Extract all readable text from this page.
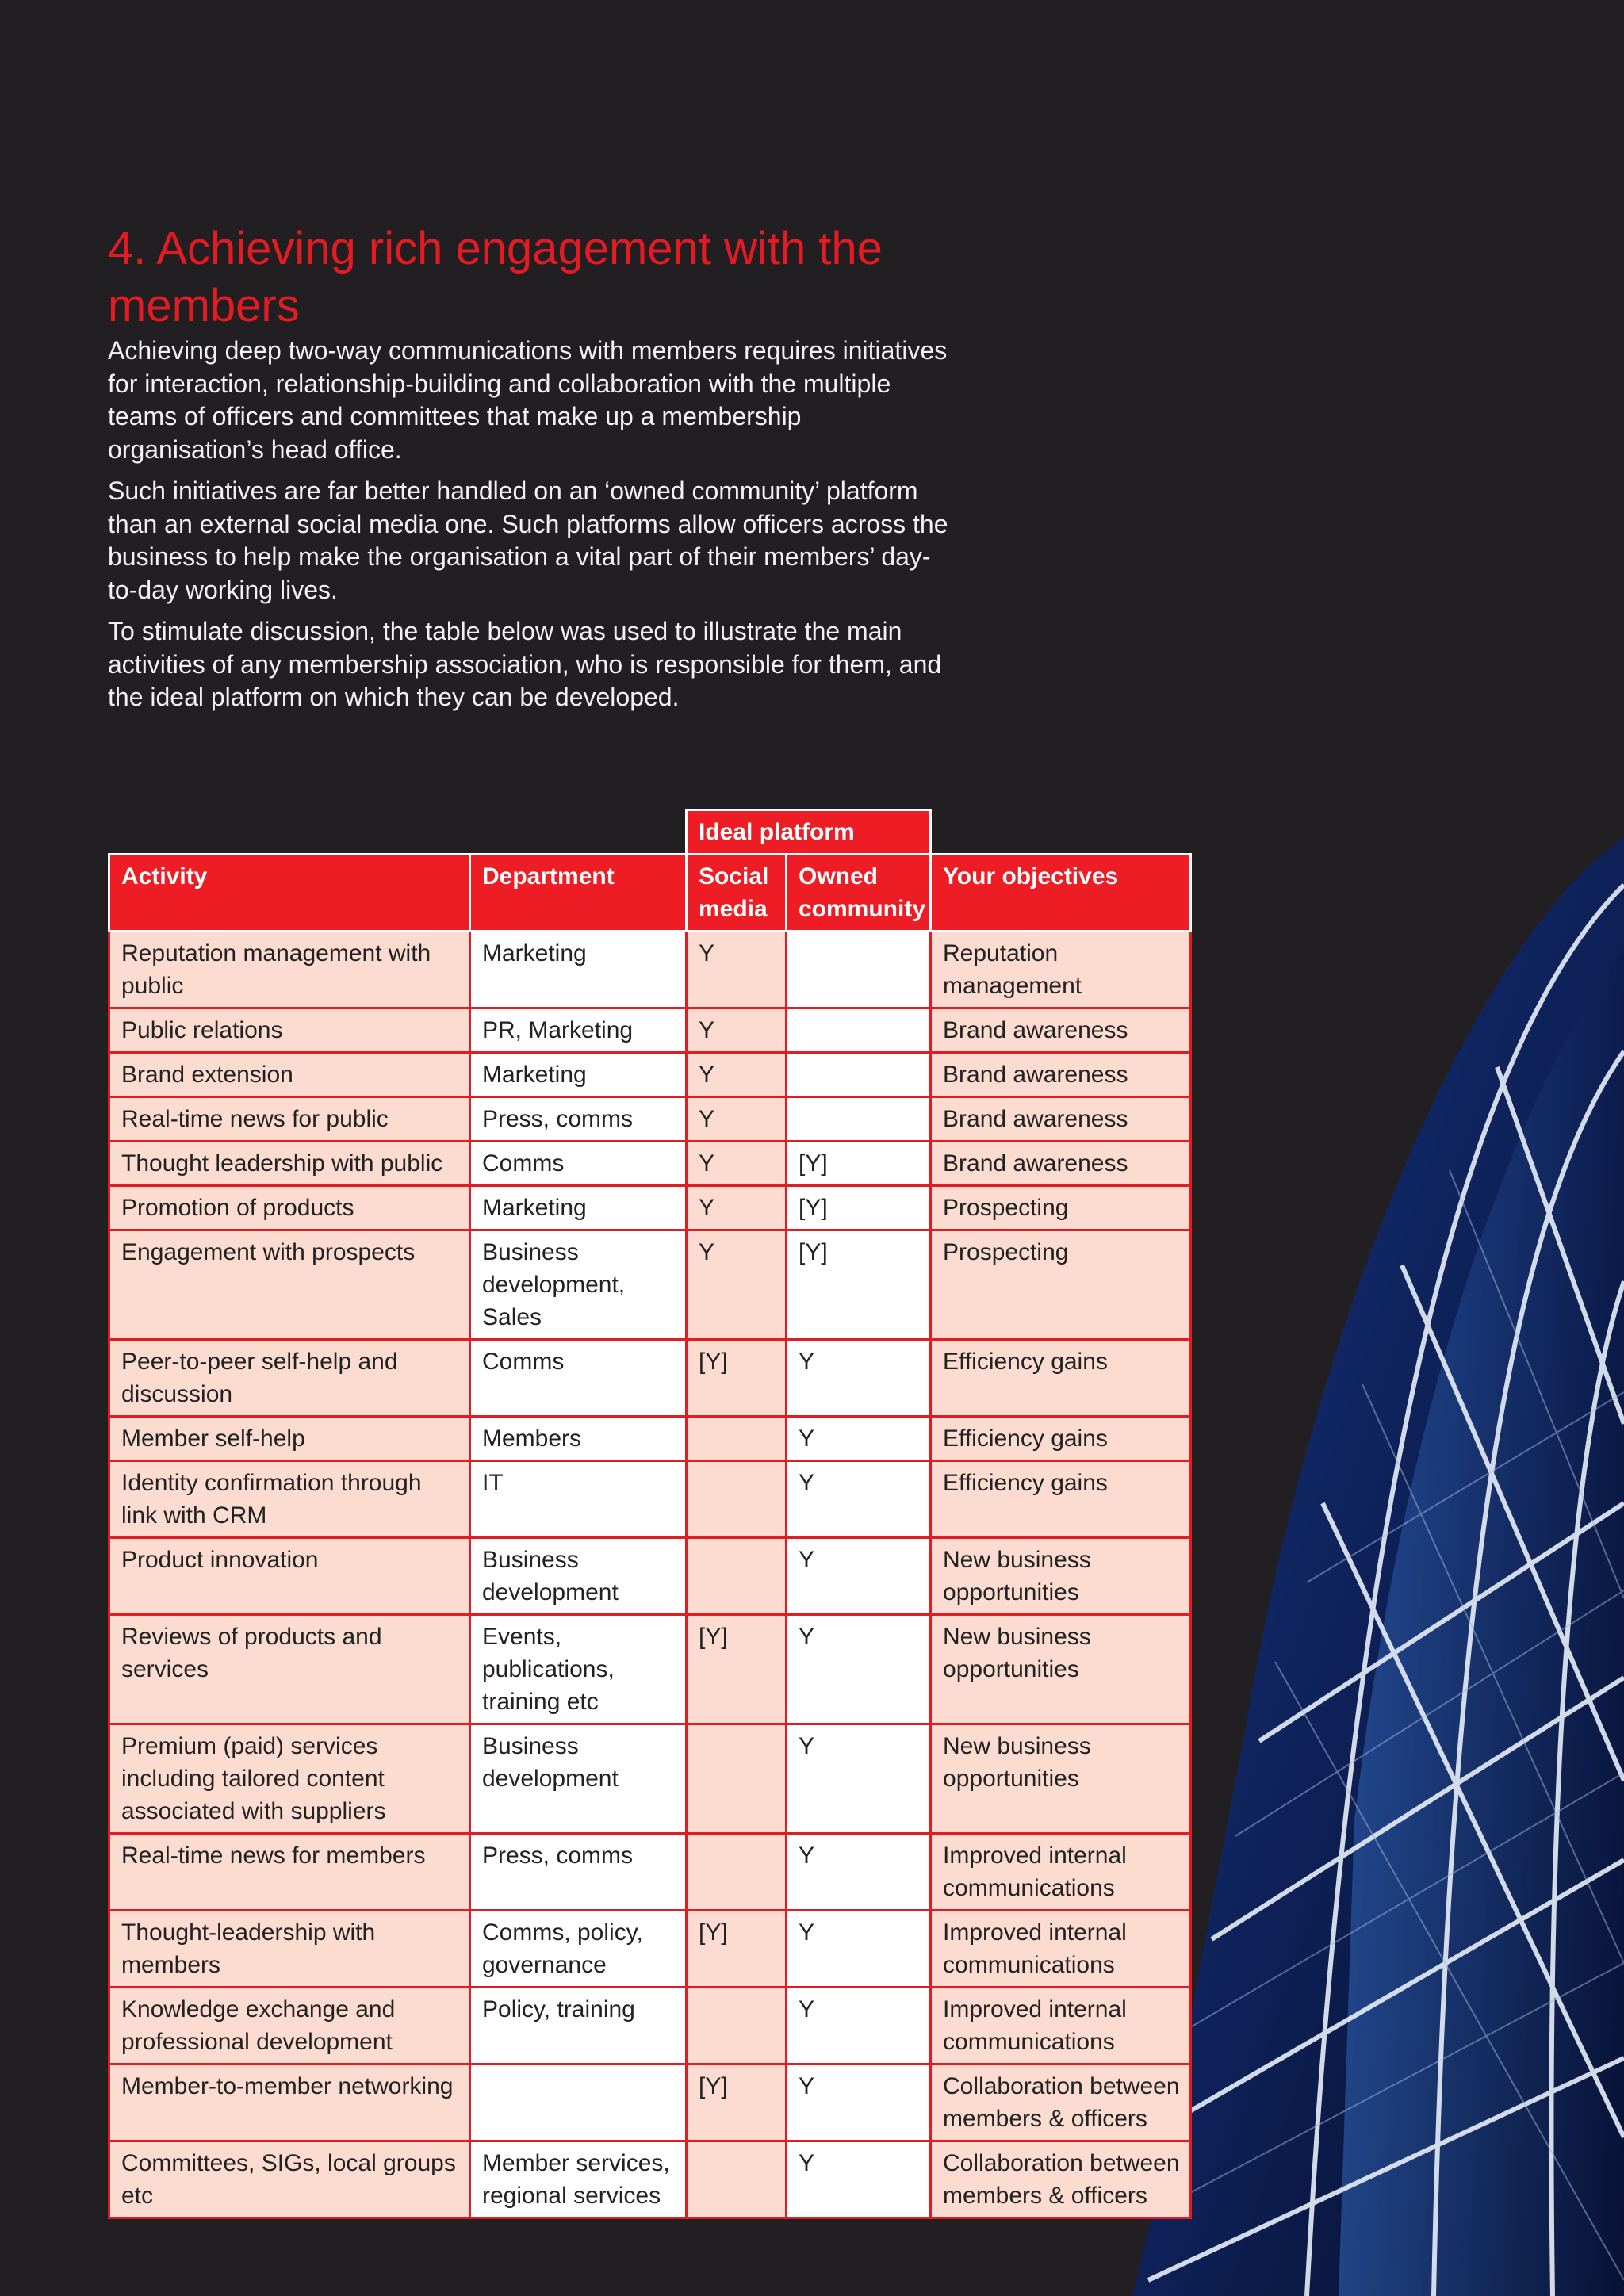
4. Achieving rich engagement with the members

Achieving deep two-way communications with members requires initiatives for interaction, relationship-building and collaboration with the multiple teams of officers and committees that make up a membership organisation’s head office.

Such initiatives are far better handled on an ‘owned community’ platform than an external social media one. Such platforms allow officers across the business to help make the organisation a vital part of their members’ day-to-day working lives.

To stimulate discussion, the table below was used to illustrate the main activities of any membership association, who is responsible for them, and the ideal platform on which they can be developed.

		Ideal platform		
Activity	Department	Social media	Owned community	Your objectives
Reputation management with public	Marketing	Y		Reputation management
Public relations	PR, Marketing	Y		Brand awareness
Brand extension	Marketing	Y		Brand awareness
Real-time news for public	Press, comms	Y		Brand awareness
Thought leadership with public	Comms	Y	[Y]	Brand awareness
Promotion of products	Marketing	Y	[Y]	Prospecting
Engagement with prospects	Business development, Sales	Y	[Y]	Prospecting
Peer-to-peer self-help and discussion	Comms	[Y]	Y	Efficiency gains
Member self-help	Members		Y	Efficiency gains
Identity confirmation through link with CRM	IT		Y	Efficiency gains
Product innovation	Business development		Y	New business opportunities
Reviews of products and services	Events, publications, training etc	[Y]	Y	New business opportunities
Premium (paid) services including tailored content associated with suppliers	Business development		Y	New business opportunities
Real-time news for members	Press, comms		Y	Improved internal communications
Thought-leadership with members	Comms, policy, governance	[Y]	Y	Improved internal communications
Knowledge exchange and professional development	Policy, training		Y	Improved internal communications
Member-to-member networking		[Y]	Y	Collaboration between members & officers
Committees, SIGs, local groups etc	Member services, regional services		Y	Collaboration between members & officers
